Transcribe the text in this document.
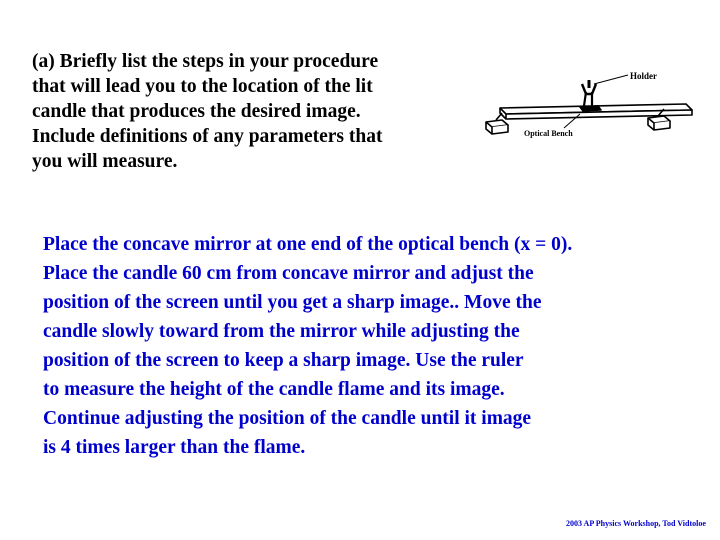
(a) Briefly list the steps in your procedure
that will lead you to the location of the lit
candle that produces the desired image.
Include definitions of any parameters that
you will measure.

Holder
Optical Bench

Place the concave mirror at one end of the optical bench (x = 0).
Place the candle 60 cm from concave mirror and adjust the
position of the screen until you get a sharp image.. Move the
candle slowly toward from the mirror while adjusting the
position of the screen to keep a sharp image. Use the ruler
to measure the height of the candle flame and its image.
Continue adjusting the position of the candle until it image
is 4 times larger than the flame.

2003 AP Physics Workshop, Tod Vidtoloe
